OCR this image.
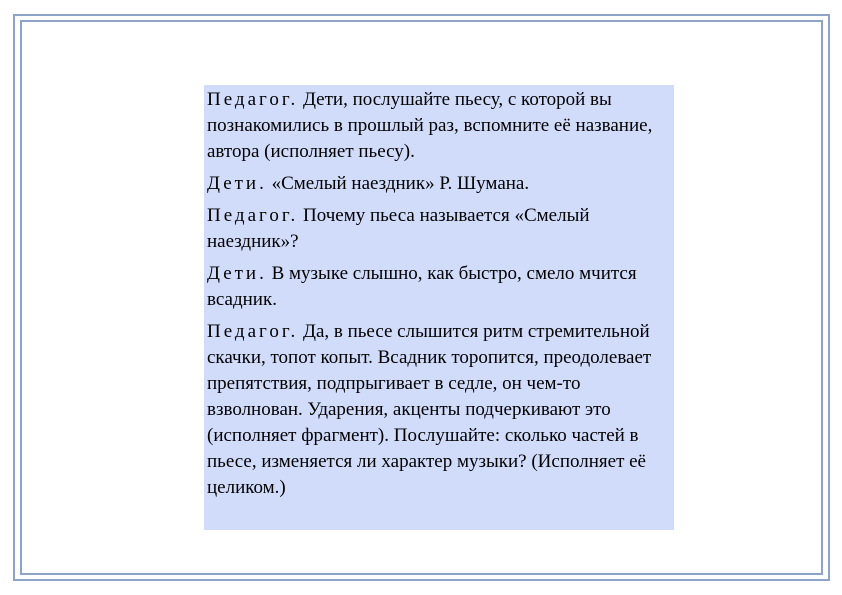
Педагог. Дети, послушайте пьесу, с которой вы познакомились в прошлый раз, вспомните её название, автора (исполняет пьесу).

Дети. «Смелый наездник» Р. Шумана.

Педагог. Почему пьеса называется «Смелый наездник»?

Дети. В музыке слышно, как быстро, смело мчится всадник.

Педагог. Да, в пьесе слышится ритм стремительной скачки, топот копыт. Всадник торопится, преодолевает препятствия, подпрыгивает в седле, он чем-то взволнован. Ударения, акценты подчеркивают это (исполняет фрагмент). Послушайте: сколько частей в пьесе, изменяется ли характер музыки? (Исполняет её целиком.)
